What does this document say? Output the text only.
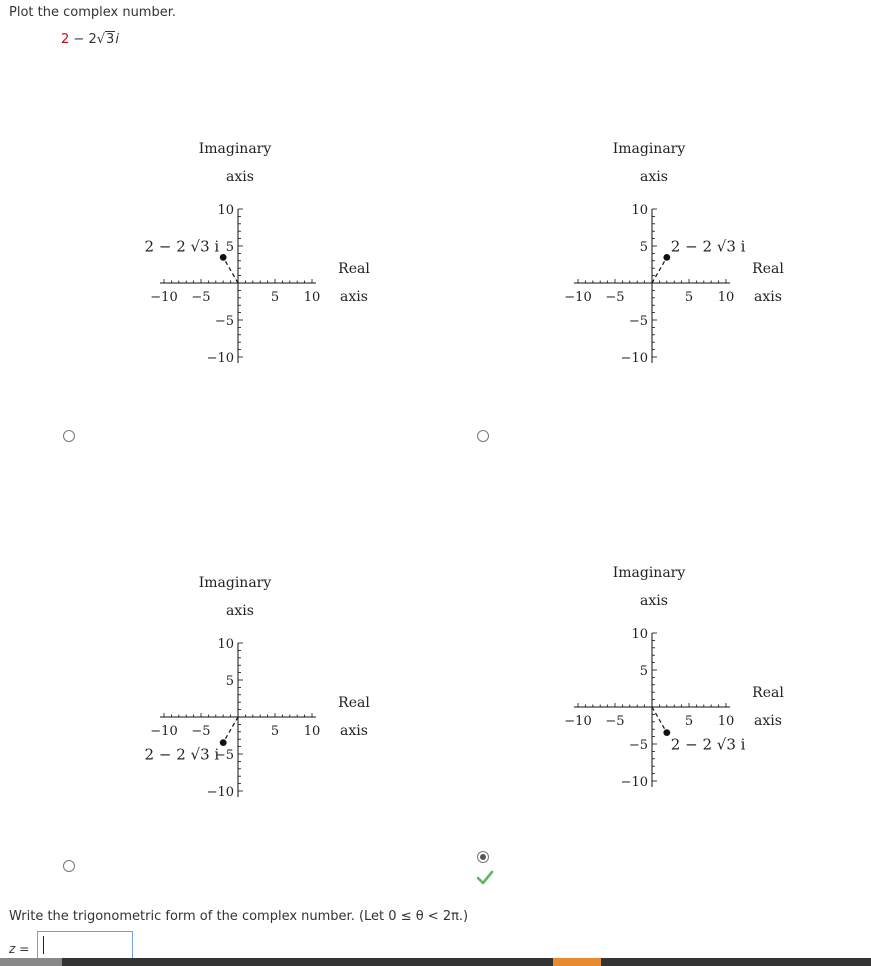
Plot the complex number.
2 − 2√3i
−10 −5	5 10
10
5
−5
−10
Imaginary
axis
Real
axis
2 − 2 √3 i
−10 −5	5 10
10
5
−5
−10
Imaginary
axis
Real
axis
2 − 2 √3 i
−10 −5	5 10
10
5
−5
−10
Imaginary
axis
Real
axis
2 − 2 √3 i
−10 −5	5 10
10
5
−5
−10
Imaginary
axis
Real
axis
2 − 2 √3 i
Write the trigonometric form of the complex number. (Let 0 ≤ θ < 2π.)
z =
